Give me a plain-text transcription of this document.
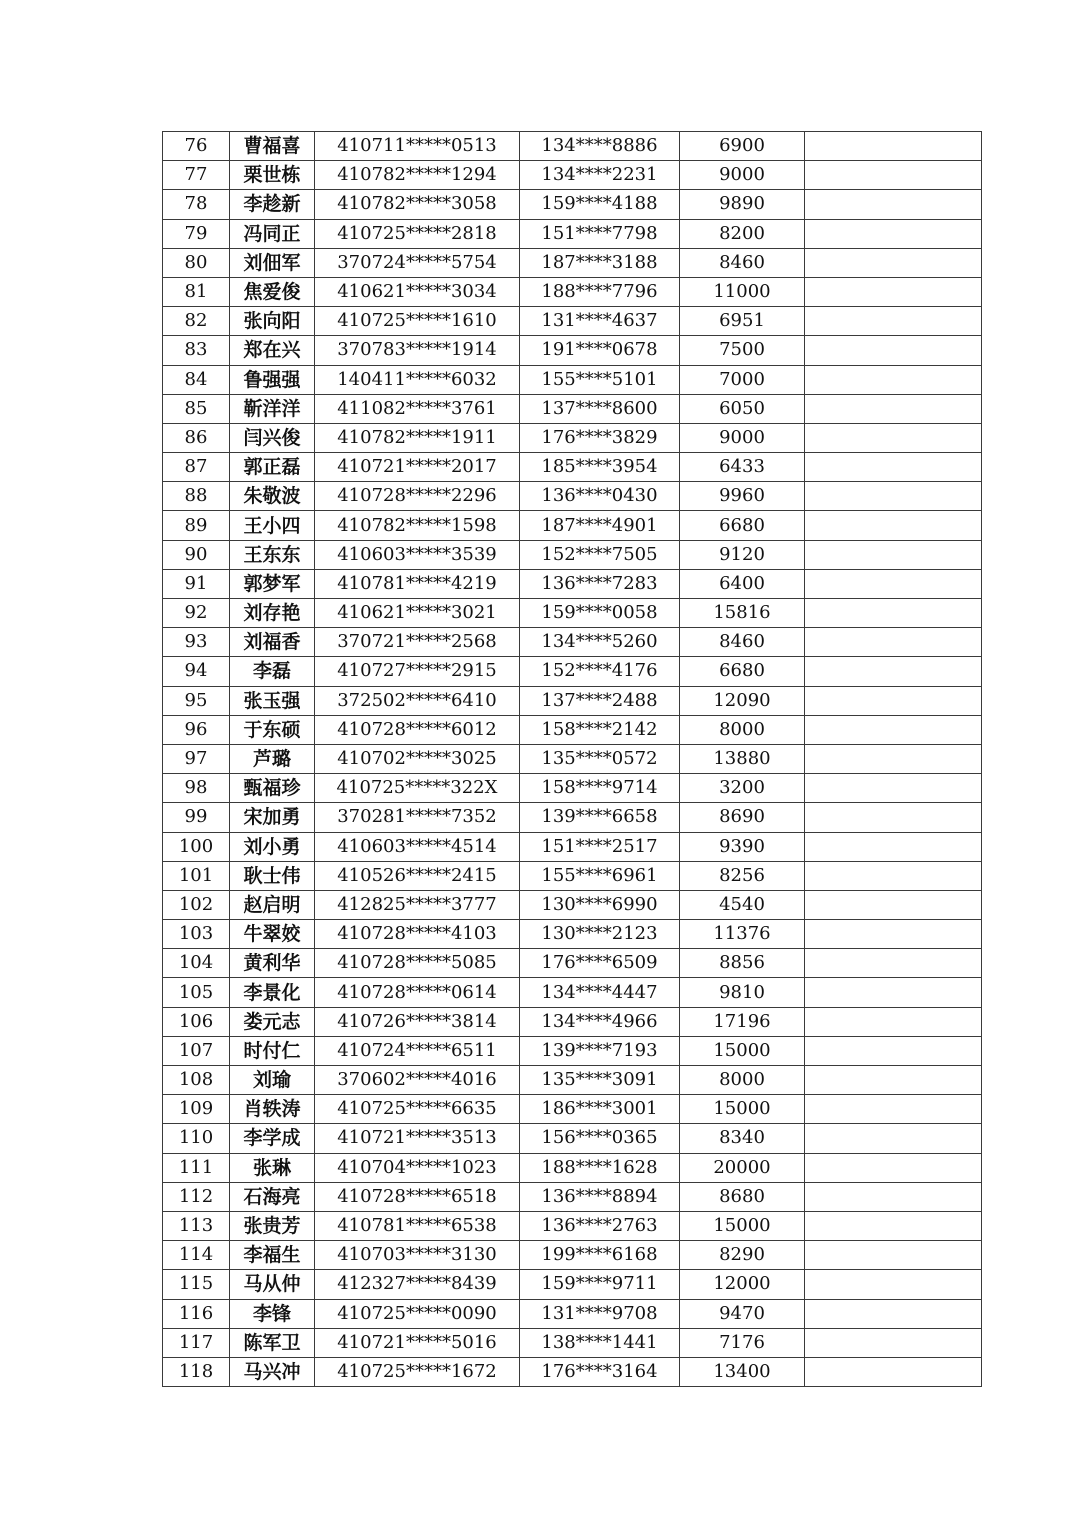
76	曹福喜	410711*****0513	134****8886	6900	
77	栗世栋	410782*****1294	134****2231	9000	
78	李趁新	410782*****3058	159****4188	9890	
79	冯同正	410725*****2818	151****7798	8200	
80	刘佃军	370724*****5754	187****3188	8460	
81	焦爱俊	410621*****3034	188****7796	11000	
82	张向阳	410725*****1610	131****4637	6951	
83	郑在兴	370783*****1914	191****0678	7500	
84	鲁强强	140411*****6032	155****5101	7000	
85	靳洋洋	411082*****3761	137****8600	6050	
86	闫兴俊	410782*****1911	176****3829	9000	
87	郭正磊	410721*****2017	185****3954	6433	
88	朱敬波	410728*****2296	136****0430	9960	
89	王小四	410782*****1598	187****4901	6680	
90	王东东	410603*****3539	152****7505	9120	
91	郭梦军	410781*****4219	136****7283	6400	
92	刘存艳	410621*****3021	159****0058	15816	
93	刘福香	370721*****2568	134****5260	8460	
94	李磊	410727*****2915	152****4176	6680	
95	张玉强	372502*****6410	137****2488	12090	
96	于东硕	410728*****6012	158****2142	8000	
97	芦璐	410702*****3025	135****0572	13880	
98	甄福珍	410725*****322X	158****9714	3200	
99	宋加勇	370281*****7352	139****6658	8690	
100	刘小勇	410603*****4514	151****2517	9390	
101	耿士伟	410526*****2415	155****6961	8256	
102	赵启明	412825*****3777	130****6990	4540	
103	牛翠姣	410728*****4103	130****2123	11376	
104	黄利华	410728*****5085	176****6509	8856	
105	李景化	410728*****0614	134****4447	9810	
106	娄元志	410726*****3814	134****4966	17196	
107	时付仁	410724*****6511	139****7193	15000	
108	刘瑜	370602*****4016	135****3091	8000	
109	肖轶涛	410725*****6635	186****3001	15000	
110	李学成	410721*****3513	156****0365	8340	
111	张琳	410704*****1023	188****1628	20000	
112	石海亮	410728*****6518	136****8894	8680	
113	张贵芳	410781*****6538	136****2763	15000	
114	李福生	410703*****3130	199****6168	8290	
115	马从仲	412327*****8439	159****9711	12000	
116	李锋	410725*****0090	131****9708	9470	
117	陈军卫	410721*****5016	138****1441	7176	
118	马兴冲	410725*****1672	176****3164	13400	
